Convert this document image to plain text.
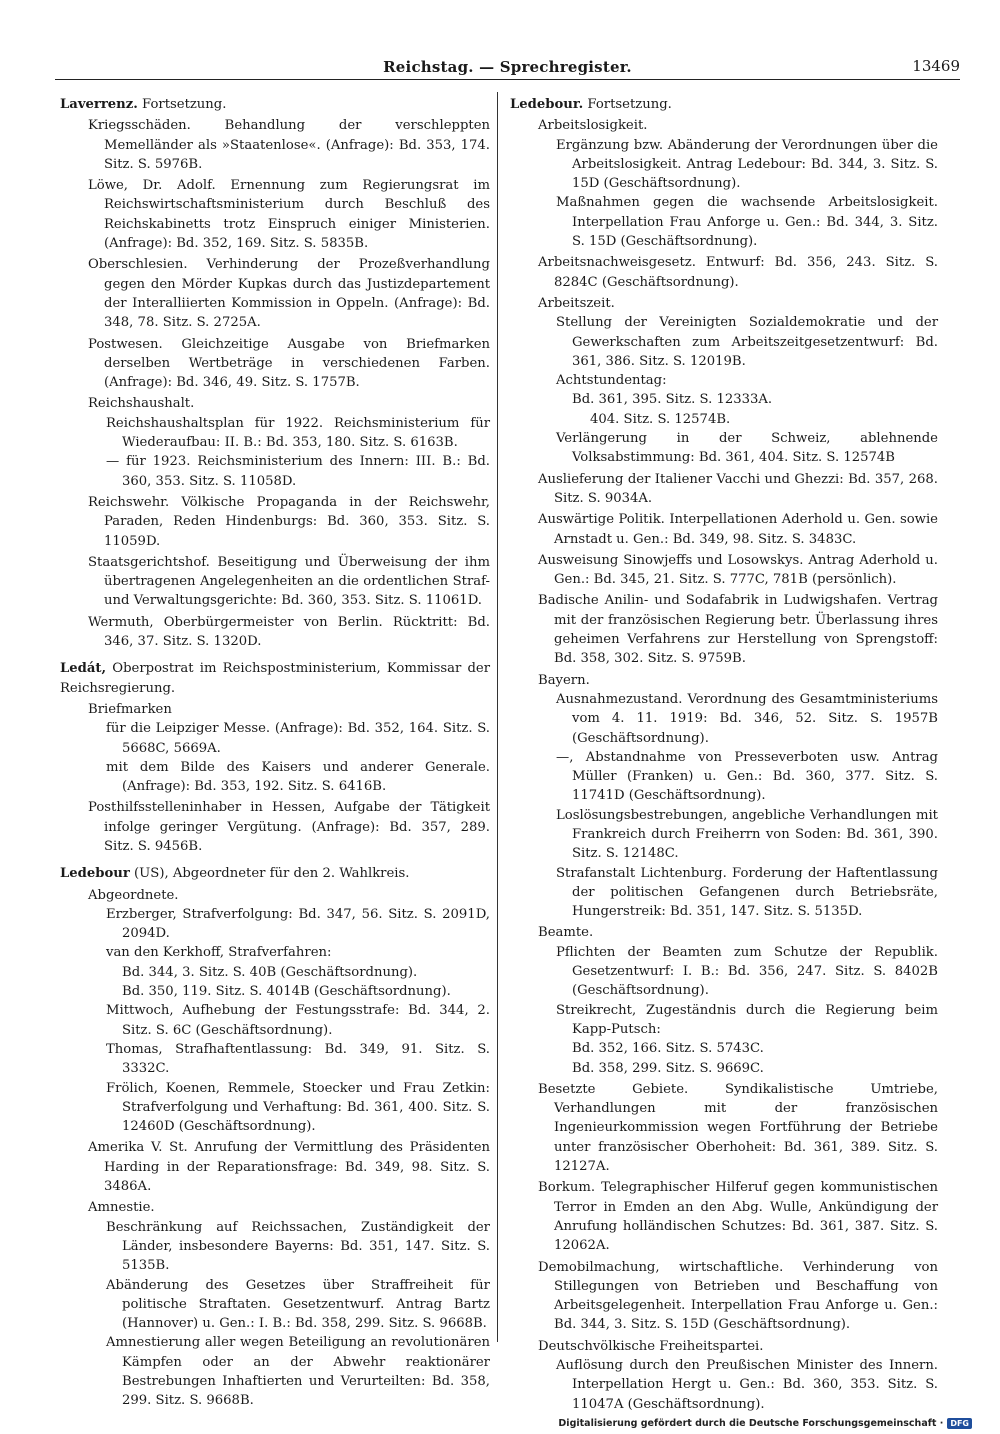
Reichstag. — Sprechregister.	13469

Laverrenz. Fortsetzung.

Kriegsschäden. Behandlung der verschleppten Memelländer als »Staatenlose«. (Anfrage): Bd. 353, 174. Sitz. S. 5976B.

Löwe, Dr. Adolf. Ernennung zum Regierungsrat im Reichswirtschaftsministerium durch Beschluß des Reichskabinetts trotz Einspruch einiger Ministerien. (Anfrage): Bd. 352, 169. Sitz. S. 5835B.

Oberschlesien. Verhinderung der Prozeßverhandlung gegen den Mörder Kupkas durch das Justizdepartement der Interalliierten Kommission in Oppeln. (Anfrage): Bd. 348, 78. Sitz. S. 2725A.

Postwesen. Gleichzeitige Ausgabe von Briefmarken derselben Wertbeträge in verschiedenen Farben. (Anfrage): Bd. 346, 49. Sitz. S. 1757B.

Reichshaushalt.

Reichshaushaltsplan für 1922. Reichsministerium für Wiederaufbau: II. B.: Bd. 353, 180. Sitz. S. 6163B.

— für 1923. Reichsministerium des Innern: III. B.: Bd. 360, 353. Sitz. S. 11058D.

Reichswehr. Völkische Propaganda in der Reichswehr, Paraden, Reden Hindenburgs: Bd. 360, 353. Sitz. S. 11059D.

Staatsgerichtshof. Beseitigung und Überweisung der ihm übertragenen Angelegenheiten an die ordentlichen Straf- und Verwaltungsgerichte: Bd. 360, 353. Sitz. S. 11061D.

Wermuth, Oberbürgermeister von Berlin. Rücktritt: Bd. 346, 37. Sitz. S. 1320D.

Ledát, Oberpostrat im Reichspostministerium, Kommissar der Reichsregierung.

Briefmarken

für die Leipziger Messe. (Anfrage): Bd. 352, 164. Sitz. S. 5668C, 5669A.

mit dem Bilde des Kaisers und anderer Generale. (Anfrage): Bd. 353, 192. Sitz. S. 6416B.

Posthilfsstelleninhaber in Hessen, Aufgabe der Tätigkeit infolge geringer Vergütung. (Anfrage): Bd. 357, 289. Sitz. S. 9456B.

Ledebour (US), Abgeordneter für den 2. Wahlkreis.

Abgeordnete.

Erzberger, Strafverfolgung: Bd. 347, 56. Sitz. S. 2091D, 2094D.

van den Kerkhoff, Strafverfahren:

Bd. 344, 3. Sitz. S. 40B (Geschäftsordnung).

Bd. 350, 119. Sitz. S. 4014B (Geschäftsordnung).

Mittwoch, Aufhebung der Festungsstrafe: Bd. 344, 2. Sitz. S. 6C (Geschäftsordnung).

Thomas, Strafhaftentlassung: Bd. 349, 91. Sitz. S. 3332C.

Frölich, Koenen, Remmele, Stoecker und Frau Zetkin: Strafverfolgung und Verhaftung: Bd. 361, 400. Sitz. S. 12460D (Geschäftsordnung).

Amerika V. St. Anrufung der Vermittlung des Präsidenten Harding in der Reparationsfrage: Bd. 349, 98. Sitz. S. 3486A.

Amnestie.

Beschränkung auf Reichssachen, Zuständigkeit der Länder, insbesondere Bayerns: Bd. 351, 147. Sitz. S. 5135B.

Abänderung des Gesetzes über Straffreiheit für politische Straftaten. Gesetzentwurf. Antrag Bartz (Hannover) u. Gen.: I. B.: Bd. 358, 299. Sitz. S. 9668B.

Amnestierung aller wegen Beteiligung an revolutionären Kämpfen oder an der Abwehr reaktionärer Bestrebungen Inhaftierten und Verurteilten: Bd. 358, 299. Sitz. S. 9668B.

Ledebour. Fortsetzung.

Arbeitslosigkeit.

Ergänzung bzw. Abänderung der Verordnungen über die Arbeitslosigkeit. Antrag Ledebour: Bd. 344, 3. Sitz. S. 15D (Geschäftsordnung).

Maßnahmen gegen die wachsende Arbeitslosigkeit. Interpellation Frau Anforge u. Gen.: Bd. 344, 3. Sitz. S. 15D (Geschäftsordnung).

Arbeitsnachweisgesetz. Entwurf: Bd. 356, 243. Sitz. S. 8284C (Geschäftsordnung).

Arbeitszeit.

Stellung der Vereinigten Sozialdemokratie und der Gewerkschaften zum Arbeitszeitgesetzentwurf: Bd. 361, 386. Sitz. S. 12019B.

Achtstundentag:

Bd. 361, 395. Sitz. S. 12333A.

404. Sitz. S. 12574B.

Verlängerung in der Schweiz, ablehnende Volksabstimmung: Bd. 361, 404. Sitz. S. 12574B

Auslieferung der Italiener Vacchi und Ghezzi: Bd. 357, 268. Sitz. S. 9034A.

Auswärtige Politik. Interpellationen Aderhold u. Gen. sowie Arnstadt u. Gen.: Bd. 349, 98. Sitz. S. 3483C.

Ausweisung Sinowjeffs und Losowskys. Antrag Aderhold u. Gen.: Bd. 345, 21. Sitz. S. 777C, 781B (persönlich).

Badische Anilin- und Sodafabrik in Ludwigshafen. Vertrag mit der französischen Regierung betr. Überlassung ihres geheimen Verfahrens zur Herstellung von Sprengstoff: Bd. 358, 302. Sitz. S. 9759B.

Bayern.

Ausnahmezustand. Verordnung des Gesamtministeriums vom 4. 11. 1919: Bd. 346, 52. Sitz. S. 1957B (Geschäftsordnung).

—, Abstandnahme von Presseverboten usw. Antrag Müller (Franken) u. Gen.: Bd. 360, 377. Sitz. S. 11741D (Geschäftsordnung).

Loslösungsbestrebungen, angebliche Verhandlungen mit Frankreich durch Freiherrn von Soden: Bd. 361, 390. Sitz. S. 12148C.

Strafanstalt Lichtenburg. Forderung der Haftentlassung der politischen Gefangenen durch Betriebsräte, Hungerstreik: Bd. 351, 147. Sitz. S. 5135D.

Beamte.

Pflichten der Beamten zum Schutze der Republik. Gesetzentwurf: I. B.: Bd. 356, 247. Sitz. S. 8402B (Geschäftsordnung).

Streikrecht, Zugeständnis durch die Regierung beim Kapp-Putsch:

Bd. 352, 166. Sitz. S. 5743C.

Bd. 358, 299. Sitz. S. 9669C.

Besetzte Gebiete. Syndikalistische Umtriebe, Verhandlungen mit der französischen Ingenieurkommission wegen Fortführung der Betriebe unter französischer Oberhoheit: Bd. 361, 389. Sitz. S. 12127A.

Borkum. Telegraphischer Hilferuf gegen kommunistischen Terror in Emden an den Abg. Wulle, Ankündigung der Anrufung holländischen Schutzes: Bd. 361, 387. Sitz. S. 12062A.

Demobilmachung, wirtschaftliche. Verhinderung von Stillegungen von Betrieben und Beschaffung von Arbeitsgelegenheit. Interpellation Frau Anforge u. Gen.: Bd. 344, 3. Sitz. S. 15D (Geschäftsordnung).

Deutschvölkische Freiheitspartei.

Auflösung durch den Preußischen Minister des Innern. Interpellation Hergt u. Gen.: Bd. 360, 353. Sitz. S. 11047A (Geschäftsordnung).

Digitalisierung gefördert durch die Deutsche Forschungsgemeinschaft · DFG
